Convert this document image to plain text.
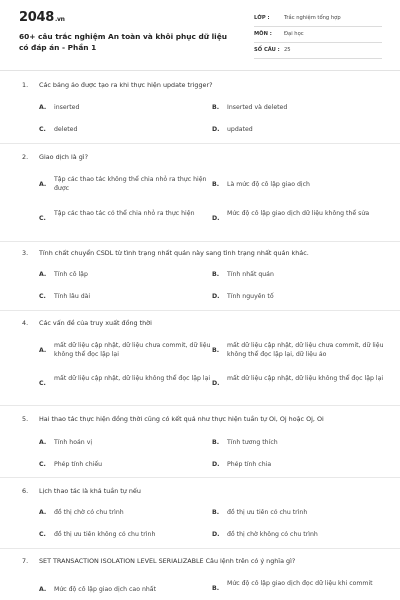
2048.vn
60+ câu trắc nghiệm An toàn và khôi phục dữ liệu có đáp án - Phần 1
LỚP :	Trắc nghiệm tổng hợp
MÔN : Đại học
SỐ CÂU : 25
1. Các bảng ảo được tạo ra khi thực hiện update trigger?
A. inserted	B. Inserted và deleted
C. deleted	D. updated
2. Giao dịch là gì?
A.
Tập các thao tác không thể chia nhỏ ra thực hiện được
B. Là mức độ cô lập giao dịch
C.
Tập các thao tác có thể chia nhỏ ra thực hiện
D.
Mức độ cô lập giao dịch dữ liệu không thể sửa
3. Tính chất chuyển CSDL từ tình trạng nhất quán này sang tình trạng nhất quán khác.
A. Tính cô lập	B. Tính nhất quán
C. Tính lâu dài	D. Tính nguyên tố
4. Các vấn đề của truy xuất đồng thời
A.
mất dữ liệu cập nhật, dữ liệu chưa commit, dữ liệu không thể đọc lặp lại
B.
mất dữ liệu cập nhật, dữ liệu chưa commit, dữ liệu không thể đọc lặp lại, dữ liệu ảo
C.
mất dữ liệu cập nhật, dữ liệu không thể đọc lặp lại
D.
mất dữ liệu cập nhật, dữ liệu không thể đọc lặp lại
5. Hai thao tác thực hiện đồng thời cũng có kết quả như thực hiện tuần tự Oi, Oj hoặc Oj, Oi
A. Tính hoán vị	B. Tính tương thích
C. Phép tính chiếu	D. Phép tính chia
6. Lịch thao tác là khả tuần tự nếu
A. đồ thị chờ có chu trình	B. đồ thị ưu tiên có chu trình
C. đồ thị ưu tiên không có chu trình	D. đồ thị chờ không có chu trình
7. SET TRANSACTION ISOLATION LEVEL SERIALIZABLE Câu lệnh trên có ý nghĩa gì?
A. Mức độ cô lập giao dịch cao nhất	B.
Mức độ cô lập giao dịch đọc dữ liệu khi commit
